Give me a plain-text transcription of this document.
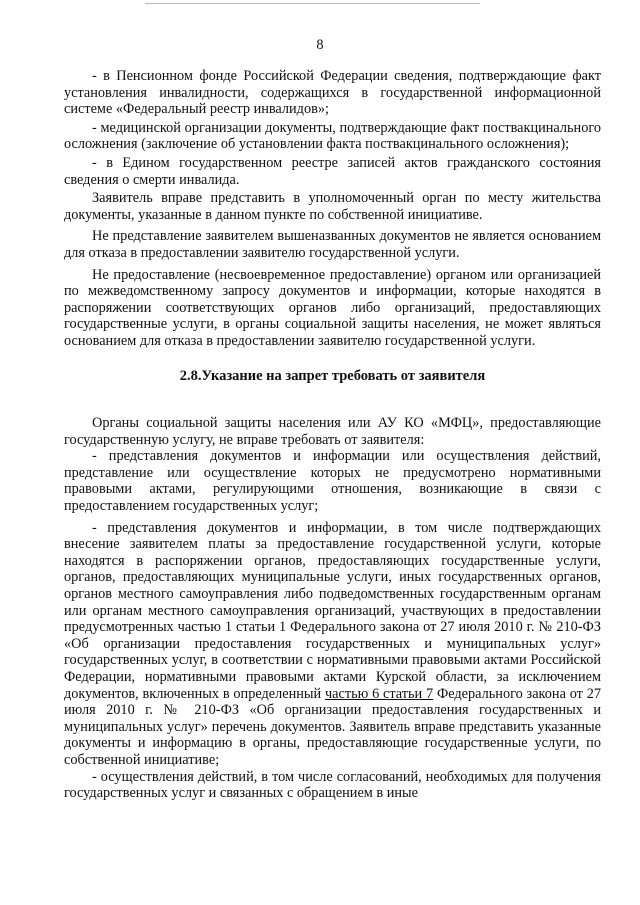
8

- в Пенсионном фонде Российской Федерации сведения, подтверждающие факт установления инвалидности, содержащихся в государственной информационной системе «Федеральный реестр инвалидов»;

- медицинской организации документы, подтверждающие факт поствакцинального осложнения (заключение об установлении факта поствакцинального осложнения);

- в Едином государственном реестре записей актов гражданского состояния сведения о смерти инвалида.

Заявитель вправе представить в уполномоченный орган по месту жительства документы, указанные в данном пункте по собственной инициативе.

Не представление заявителем вышеназванных документов не является основанием для отказа в предоставлении заявителю государственной услуги.

Не предоставление (несвоевременное предоставление) органом или организацией по межведомственному запросу документов и информации, которые находятся в распоряжении соответствующих органов либо организаций, предоставляющих государственные услуги, в органы социальной защиты населения, не может являться основанием для отказа в предоставлении заявителю государственной услуги.

2.8.Указание на запрет требовать от заявителя

Органы социальной защиты населения или АУ КО «МФЦ», предоставляющие государственную услугу, не вправе требовать от заявителя:

- представления документов и информации или осуществления действий, представление или осуществление которых не предусмотрено нормативными правовыми актами, регулирующими отношения, возникающие в связи с предоставлением государственных услуг;

- представления документов и информации, в том числе подтверждающих внесение заявителем платы за предоставление государственной услуги, которые находятся в распоряжении органов, предоставляющих государственные услуги, органов, предоставляющих муниципальные услуги, иных государственных органов, органов местного самоуправления либо подведомственных государственным органам или органам местного самоуправления организаций, участвующих в предоставлении предусмотренных частью 1 статьи 1 Федерального закона от 27 июля 2010 г. № 210-ФЗ «Об организации предоставления государственных и муниципальных услуг» государственных услуг, в соответствии с нормативными правовыми актами Российской Федерации, нормативными правовыми актами Курской области, за исключением документов, включенных в определенный частью 6 статьи 7 Федерального закона от 27 июля 2010 г. № 210-ФЗ «Об организации предоставления государственных и муниципальных услуг» перечень документов. Заявитель вправе представить указанные документы и информацию в органы, предоставляющие государственные услуги, по собственной инициативе;

- осуществления действий, в том числе согласований, необходимых для получения государственных услуг и связанных с обращением в иные
